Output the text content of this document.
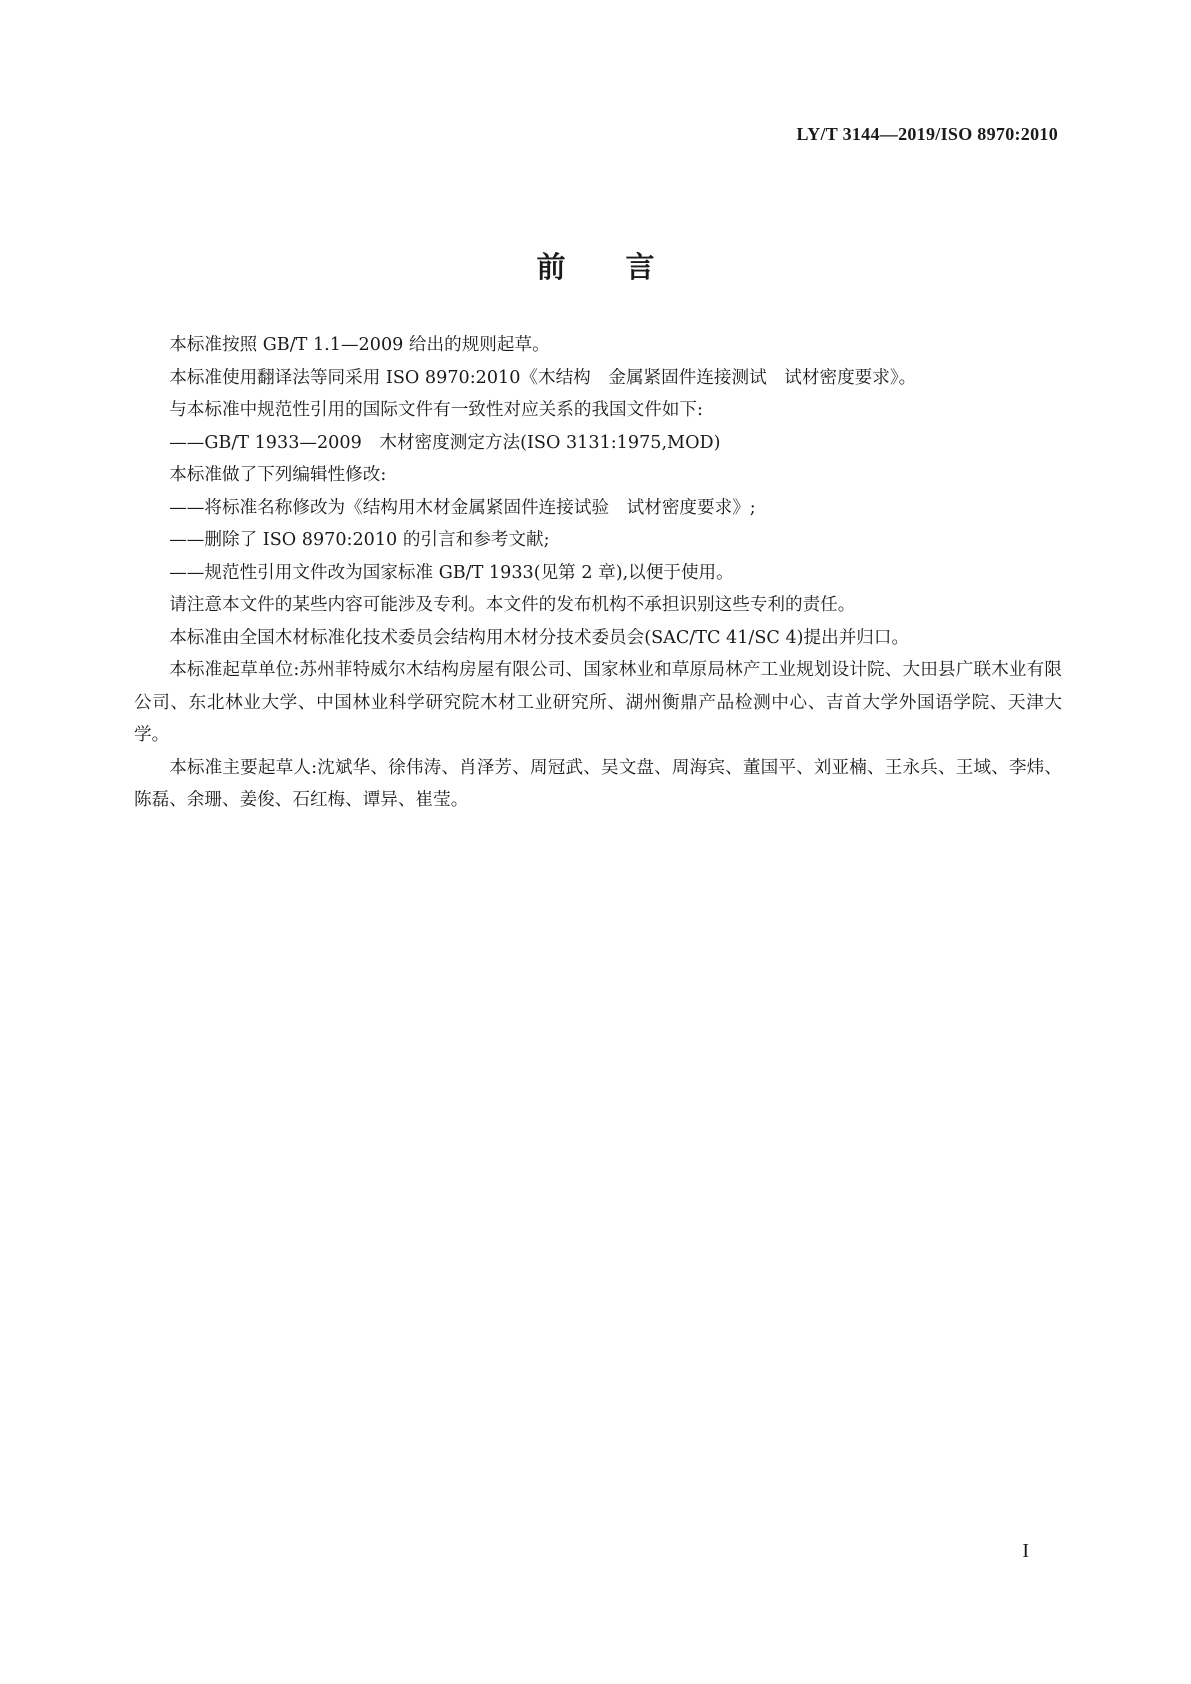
LY/T 3144—2019/ISO 8970:2010
前言

本标准按照 GB/T 1.1—2009 给出的规则起草。

本标准使用翻译法等同采用 ISO 8970:2010《木结构　金属紧固件连接测试　试材密度要求》。

与本标准中规范性引用的国际文件有一致性对应关系的我国文件如下:

——GB/T 1933—2009　木材密度测定方法(ISO 3131:1975,MOD)

本标准做了下列编辑性修改:

——将标准名称修改为《结构用木材金属紧固件连接试验　试材密度要求》;

——删除了 ISO 8970:2010 的引言和参考文献;

——规范性引用文件改为国家标准 GB/T 1933(见第 2 章),以便于使用。

请注意本文件的某些内容可能涉及专利。本文件的发布机构不承担识别这些专利的责任。

本标准由全国木材标准化技术委员会结构用木材分技术委员会(SAC/TC 41/SC 4)提出并归口。

本标准起草单位:苏州菲特威尔木结构房屋有限公司、国家林业和草原局林产工业规划设计院、大田县广联木业有限公司、东北林业大学、中国林业科学研究院木材工业研究所、湖州衡鼎产品检测中心、吉首大学外国语学院、天津大学。

本标准主要起草人:沈斌华、徐伟涛、肖泽芳、周冠武、吴文盘、周海宾、董国平、刘亚楠、王永兵、王域、李炜、陈磊、余珊、姜俊、石红梅、谭异、崔莹。

I
